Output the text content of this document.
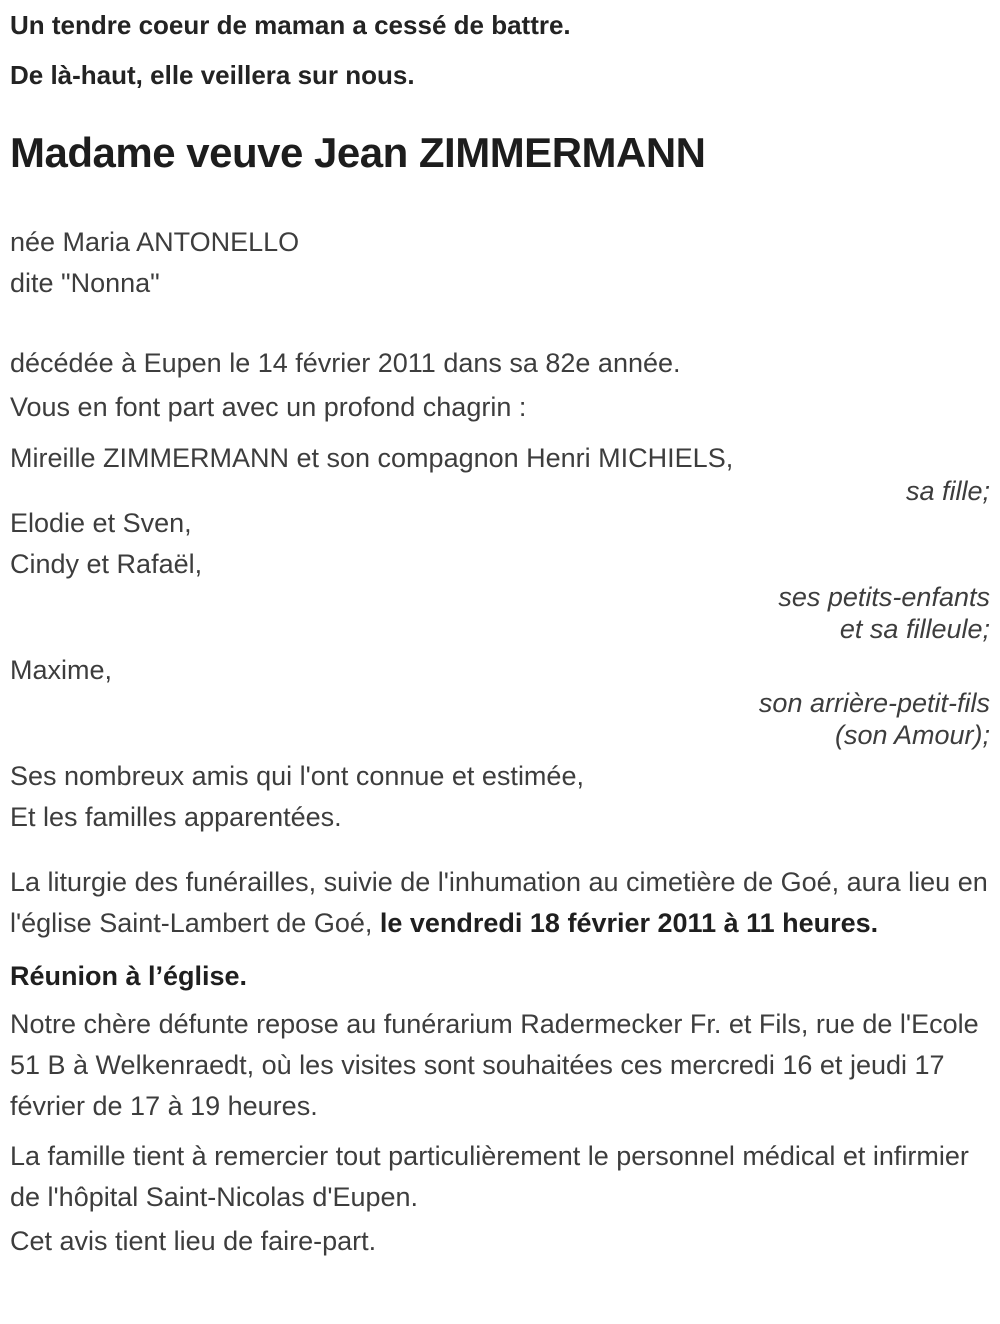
Un tendre coeur de maman a cessé de battre.
De là-haut, elle veillera sur nous.
Madame veuve Jean ZIMMERMANN
née Maria ANTONELLO
dite "Nonna"
décédée à Eupen le 14 février 2011 dans sa 82e année.
Vous en font part avec un profond chagrin :
Mireille ZIMMERMANN et son compagnon Henri MICHIELS,
sa fille;
Elodie et Sven,
Cindy et Rafaël,
ses petits-enfants
et sa filleule;
Maxime,
son arrière-petit-fils
(son Amour);
Ses nombreux amis qui l'ont connue et estimée,
Et les familles apparentées.

La liturgie des funérailles, suivie de l'inhumation au cimetière de Goé, aura lieu en l'église Saint-Lambert de Goé, le vendredi 18 février 2011 à 11 heures.

Réunion à l’église.

Notre chère défunte repose au funérarium Radermecker Fr. et Fils, rue de l'Ecole 51 B à Welkenraedt, où les visites sont souhaitées ces mercredi 16 et jeudi 17 février de 17 à 19 heures.

La famille tient à remercier tout particulièrement le personnel médical et infirmier de l'hôpital Saint-Nicolas d'Eupen.

Cet avis tient lieu de faire-part.
